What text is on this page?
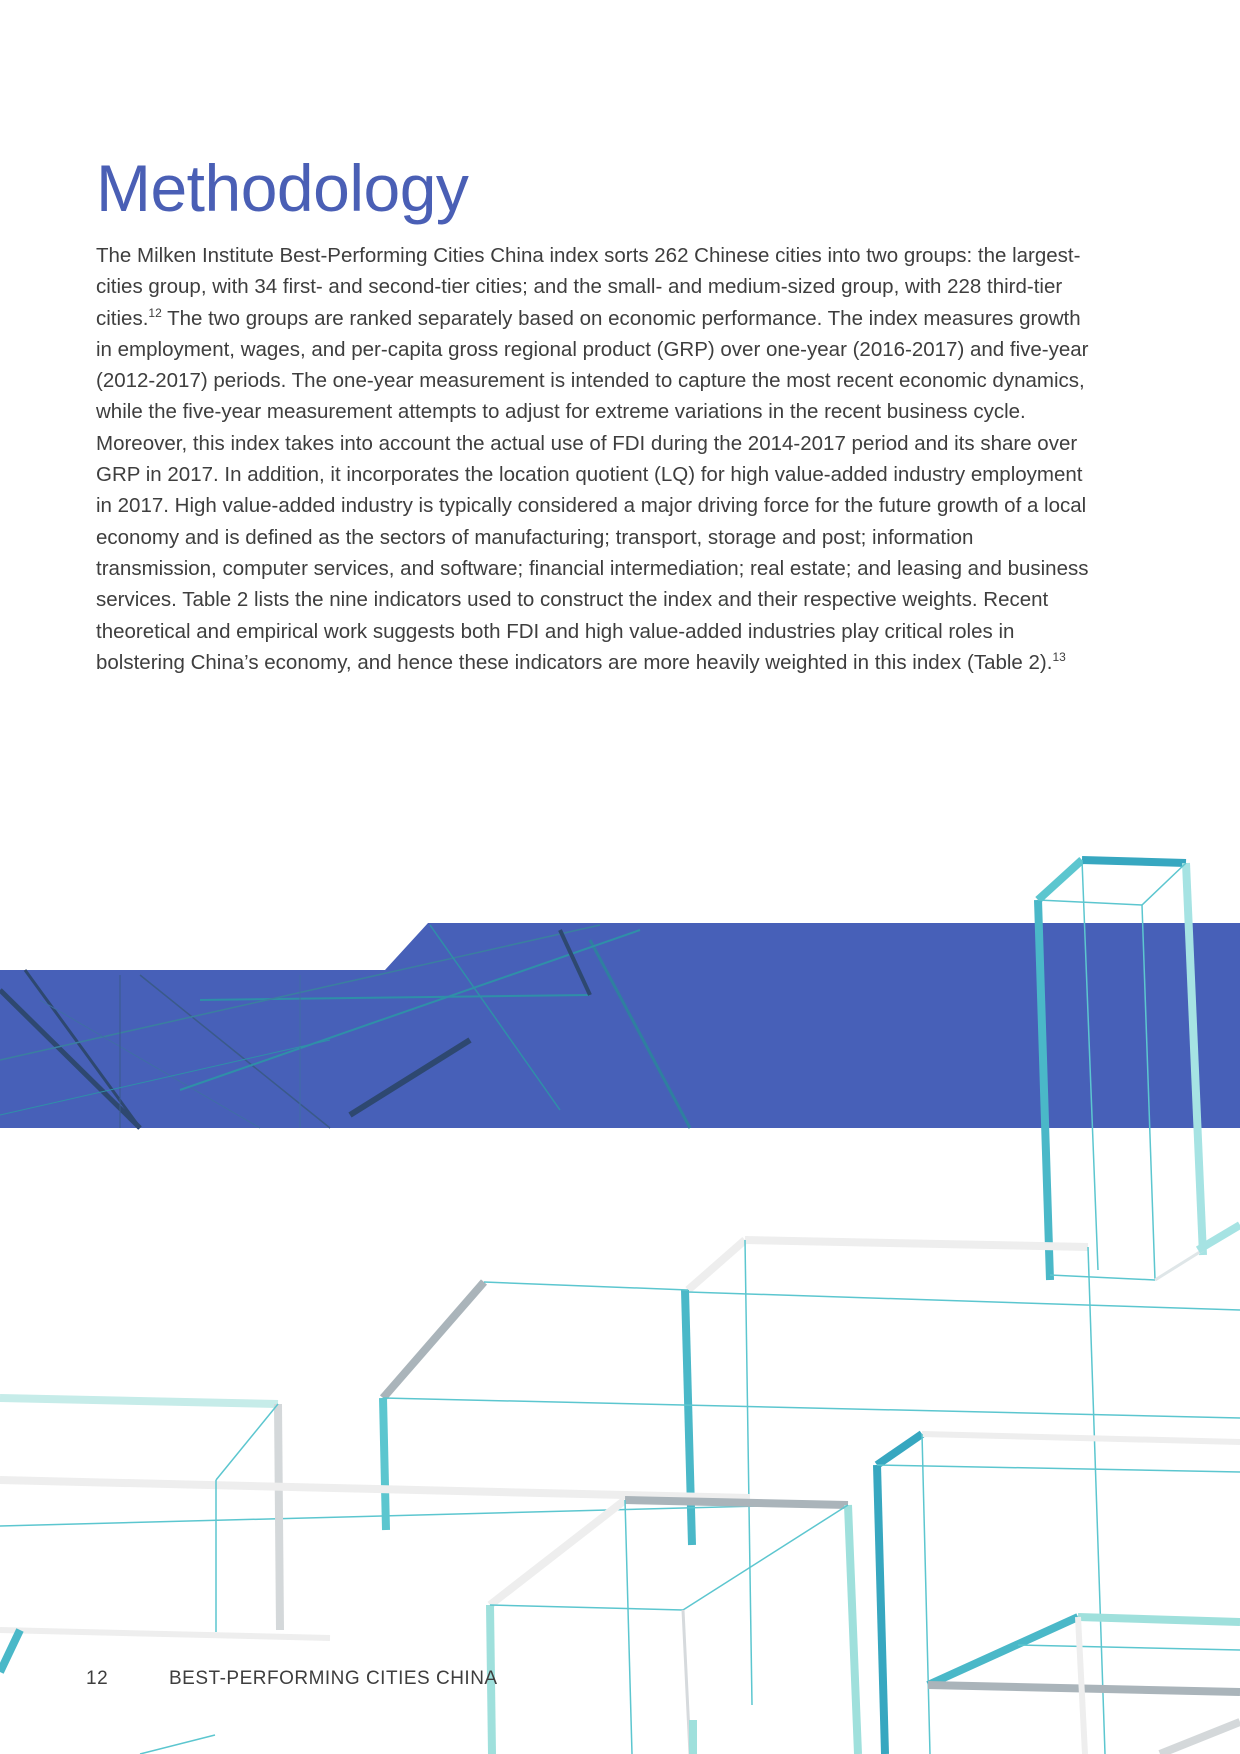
Methodology

The Milken Institute Best-Performing Cities China index sorts 262 Chinese cities into two groups: the largest-cities group, with 34 first- and second-tier cities; and the small- and medium-sized group, with 228 third-tier cities.$^{12}$ The two groups are ranked separately based on economic performance. The index measures growth in employment, wages, and per-capita gross regional product (GRP) over one-year (2016-2017) and five-year (2012-2017) periods. The one-year measurement is intended to capture the most recent economic dynamics, while the five-year measurement attempts to adjust for extreme variations in the recent business cycle. Moreover, this index takes into account the actual use of FDI during the 2014-2017 period and its share over GRP in 2017. In addition, it incorporates the location quotient (LQ) for high value-added industry employment in 2017. High value-added industry is typically considered a major driving force for the future growth of a local economy and is defined as the sectors of manufacturing; transport, storage and post; information transmission, computer services, and software; financial intermediation; real estate; and leasing and business services. Table 2 lists the nine indicators used to construct the index and their respective weights. Recent theoretical and empirical work suggests both FDI and high value-added industries play critical roles in bolstering China’s economy, and hence these indicators are more heavily weighted in this index (Table 2).$^{13}$

12	BEST-PERFORMING CITIES CHINA
